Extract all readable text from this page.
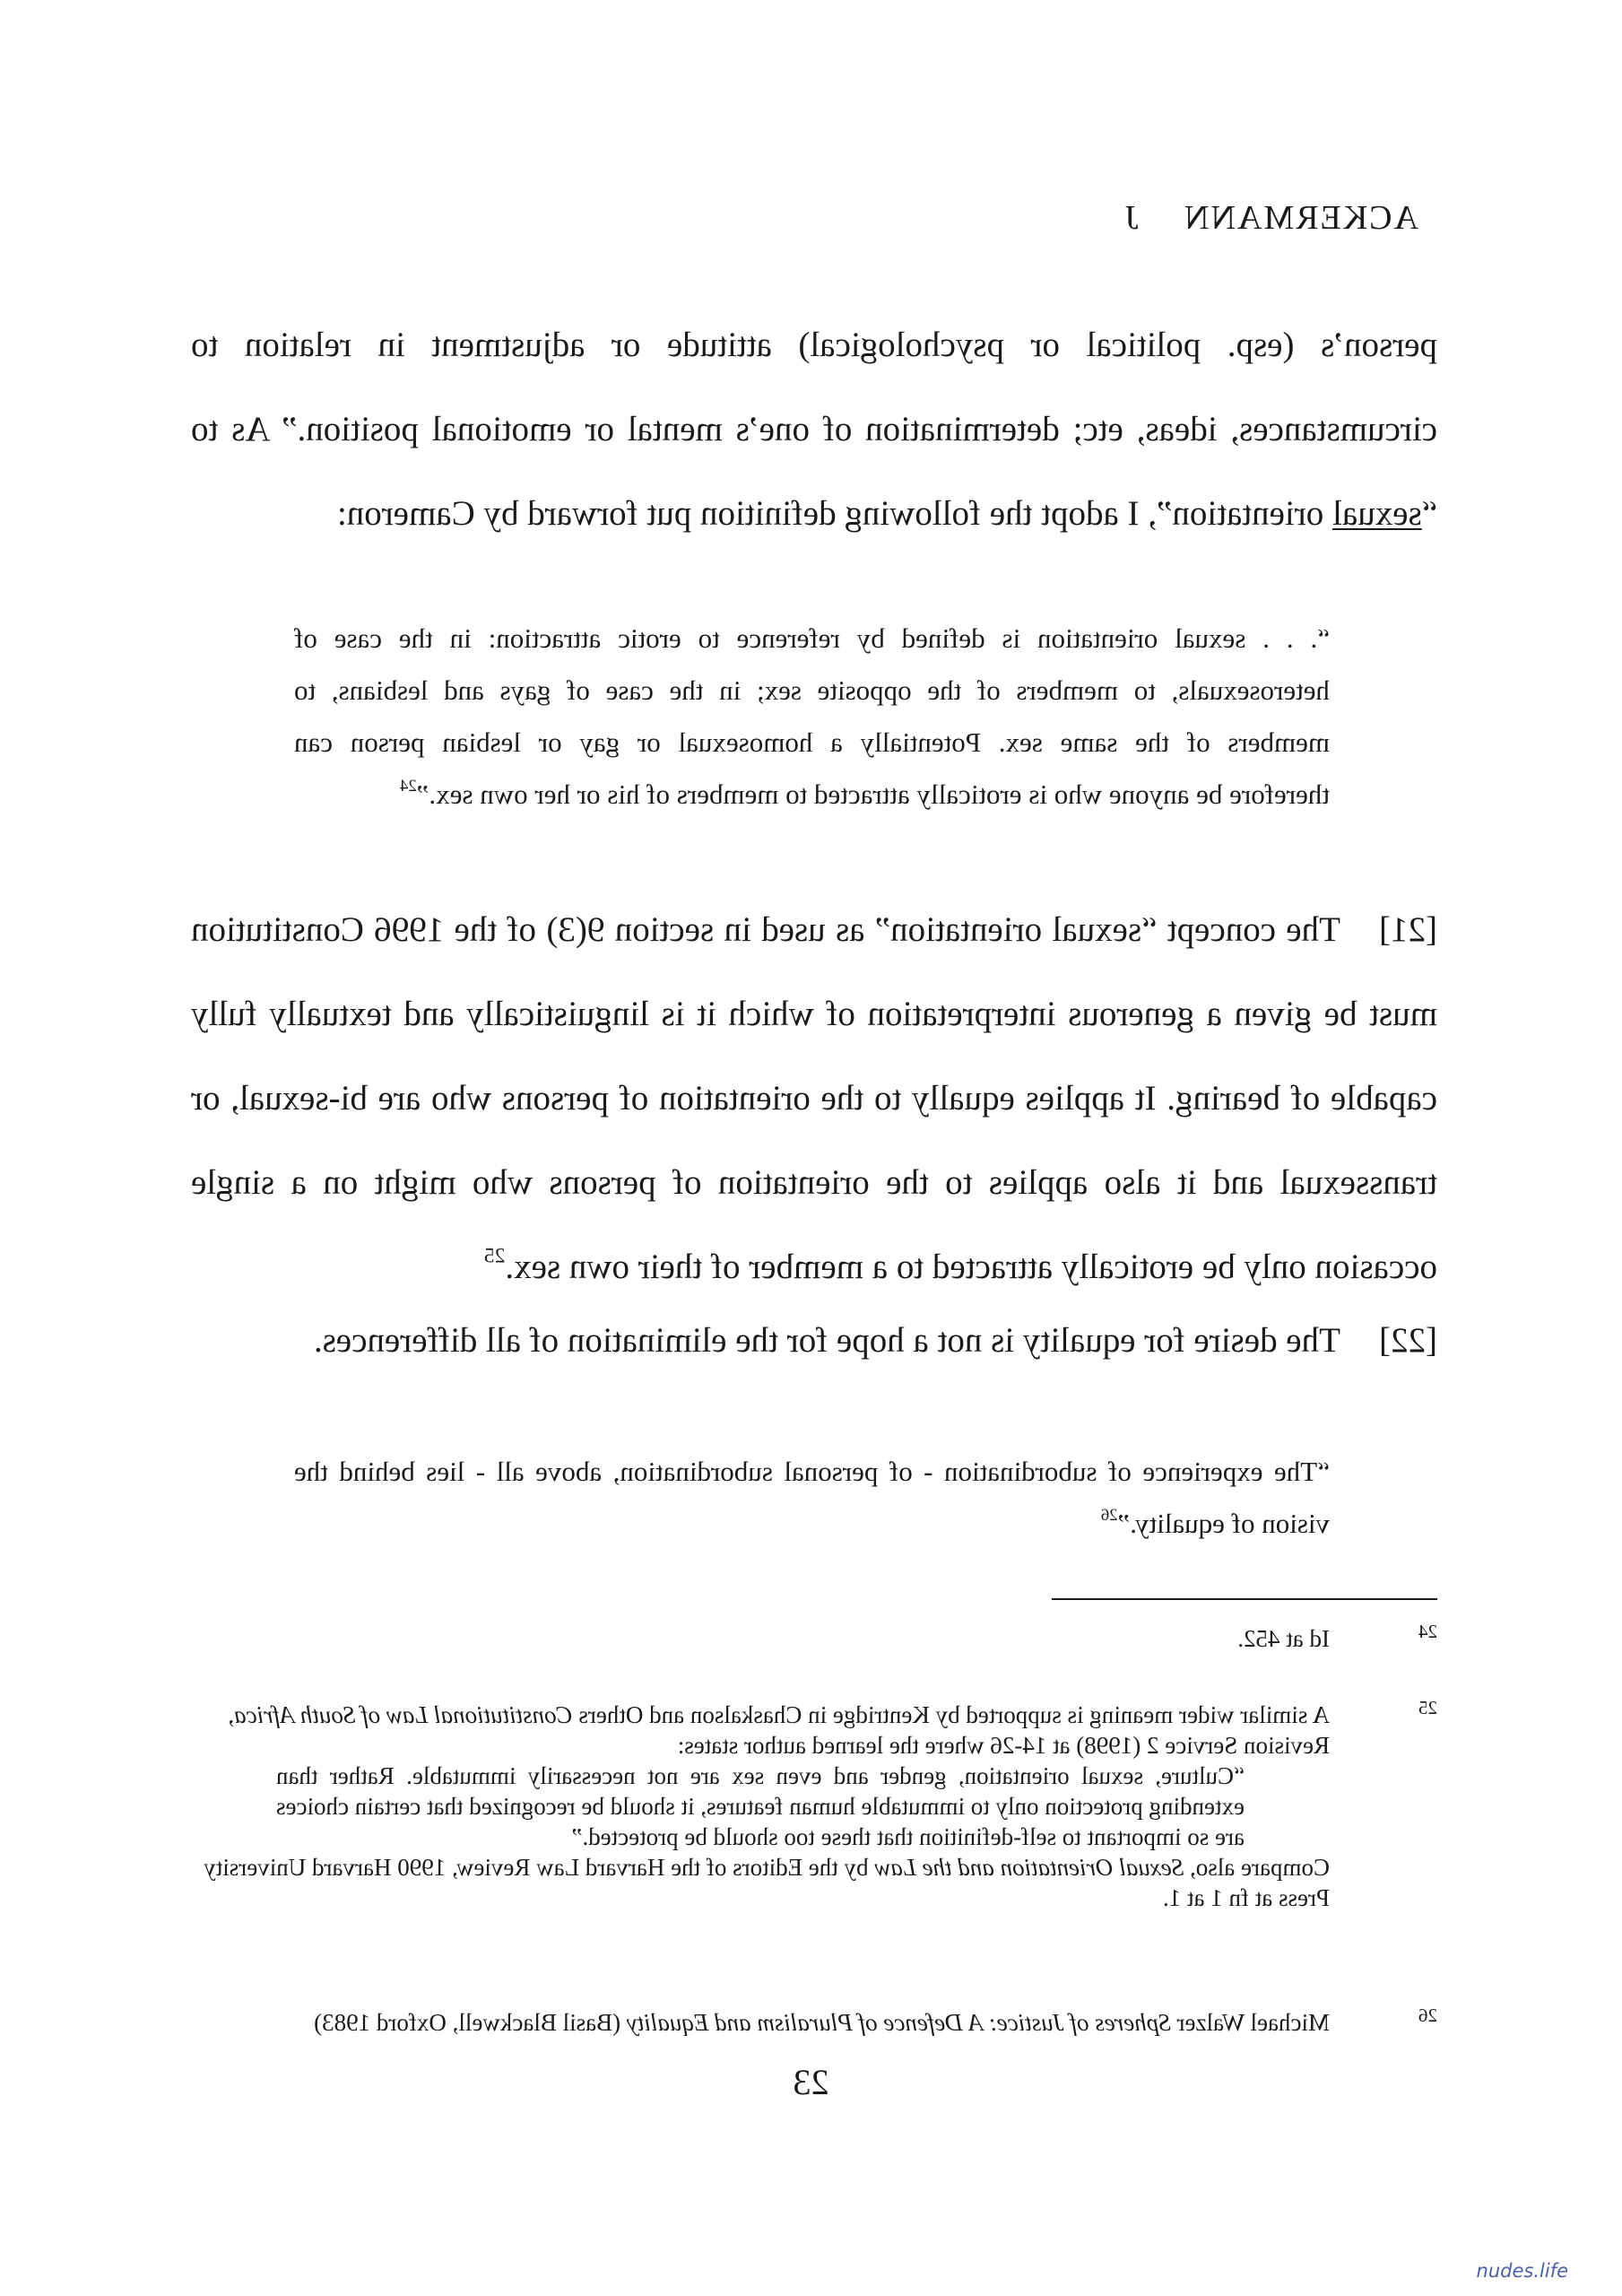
ACKERMANN J
person’s (esp. political or psychological) attitude or adjustment in relation to
circumstances, ideas, etc; determination of one’s mental or emotional position.” As to
“sexual orientation”, I adopt the following definition put forward by Cameron:
“. . . sexual orientation is defined by reference to erotic attraction: in the case of
heterosexuals, to members of the opposite sex; in the case of gays and lesbians, to
members of the same sex. Potentially a homosexual or gay or lesbian person can
therefore be anyone who is erotically attracted to members of his or her own sex.”$^{24}$
[21]The concept “sexual orientation” as used in section 9(3) of the 1996 Constitution
must be given a generous interpretation of which it is linguistically and textually fully
capable of bearing. It applies equally to the orientation of persons who are bi-sexual, or
transsexual and it also applies to the orientation of persons who might on a single
occasion only be erotically attracted to a member of their own sex.$^{25}$
[22]The desire for equality is not a hope for the elimination of all differences.
“The experience of subordination - of personal subordination, above all - lies behind the
vision of equality.”$^{26}$
24
Id at 452.
25
A similar wider meaning is supported by Kentridge in Chaskalson and Others Constitutional Law of South Africa, Revision Service 2 (1998) at 14-26 where the learned author states:
“Culture, sexual orientation, gender and even sex are not necessarily immutable. Rather than extending protection only to immutable human features, it should be recognized that certain choices are so important to self-definition that these too should be protected.”
Compare also, Sexual Orientation and the Law by the Editors of the Harvard Law Review, 1990 Harvard University Press at fn 1 at 1.
26
Michael Walzer Spheres of Justice: A Defence of Pluralism and Equality (Basil Blackwell, Oxford 1983)
23
nudes.life
